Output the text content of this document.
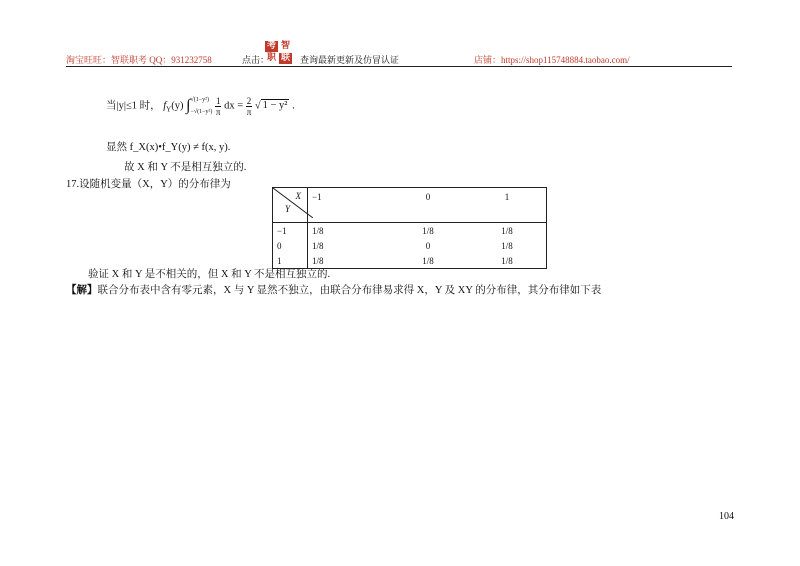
淘宝旺旺：智联职考 QQ：931232758
考 智
职 联
点击：	查询最新更新及仿冒认证	店铺：https://shop115748884.taobao.com/
当|y|≤1 时， $f_Y(y)$ ∫ √(1−y²)
−√(1−y²)
$\frac{1}{\pi}$ dx = $\frac{2}{\pi}$ √ 1 − y² .
显然 f_X(x)•f_Y(y) ≠ f(x, y).
故 X 和 Y 不是相互独立的.
17.设随机变量（X，Y）的分布律为
X
Y	−1	0	1
−1	1/8	1/8	1/8
0	1/8	0	1/8
1	1/8	1/8	1/8
验证 X 和 Y 是不相关的，但 X 和 Y 不是相互独立的.
【解】联合分布表中含有零元素，X 与 Y 显然不独立，由联合分布律易求得 X，Y 及 XY 的分布律，其分布律如下表
104
